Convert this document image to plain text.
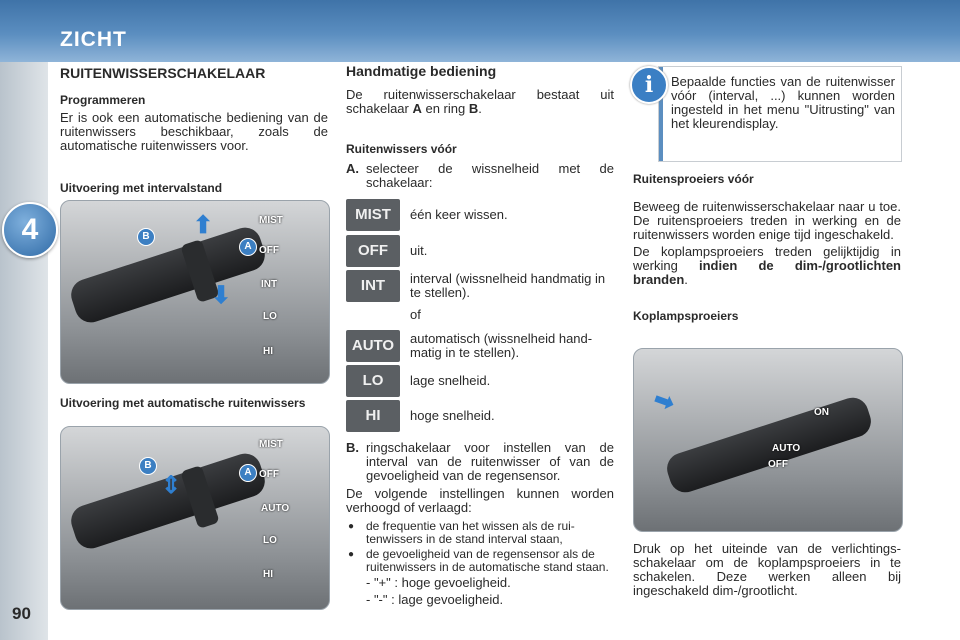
ZICHT
4
90

RUITENWISSERSCHAKELAAR

Programmeren

Er is ook een automatische bediening van de ruitenwissers beschikbaar, zoals de automatische ruitenwissers voor.

Uitvoering met intervalstand

B
A
⬆
⬇
MIST
OFF
INT
LO
HI

Uitvoering met automatische ruitenwissers

B
A
⇕
MIST
OFF
AUTO
LO
HI

Handmatige bediening

De ruitenwisserschakelaar bestaat uit schakelaar A en ring B.

Ruitenwissers vóór

A. selecteer de wissnelheid met de schakelaar:

MIST	één keer wissen.
OFF	uit.
INT	interval (wissnelheid handmatig in te stellen).
of
AUTO	automatisch (wissnelheid handmatig in te stellen).
LO	lage snelheid.
HI	hoge snelheid.
B. ringschakelaar voor instellen van de interval van de ruitenwisser of van de gevoeligheid van de regensensor.

De volgende instellingen kunnen worden verhoogd of verlaagd:

● de frequentie van het wissen als de ruitenwissers in de stand interval staan,
● de gevoeligheid van de regensensor als de ruitenwissers in de automatische stand staan.

- "+" : hoge gevoeligheid.

- "-" : lage gevoeligheid.

Bepaalde functies van de ruitenwisser vóór (interval, ...) kunnen worden ingesteld in het menu "Uitrusting" van het kleurendisplay.
i

Ruitensproeiers vóór

Beweeg de ruitenwisserschakelaar naar u toe. De ruitensproeiers treden in werking en de ruitenwissers worden enige tijd ingeschakeld.

De koplampsproeiers treden gelijktijdig in werking indien de dim-/grootlichten branden.

Koplampsproeiers

➡	ON
AUTO
OFF

Druk op het uiteinde van de verlichtingsschakelaar om de koplampsproeiers in te schakelen. Deze werken alleen bij ingeschakeld dim-/grootlicht.
